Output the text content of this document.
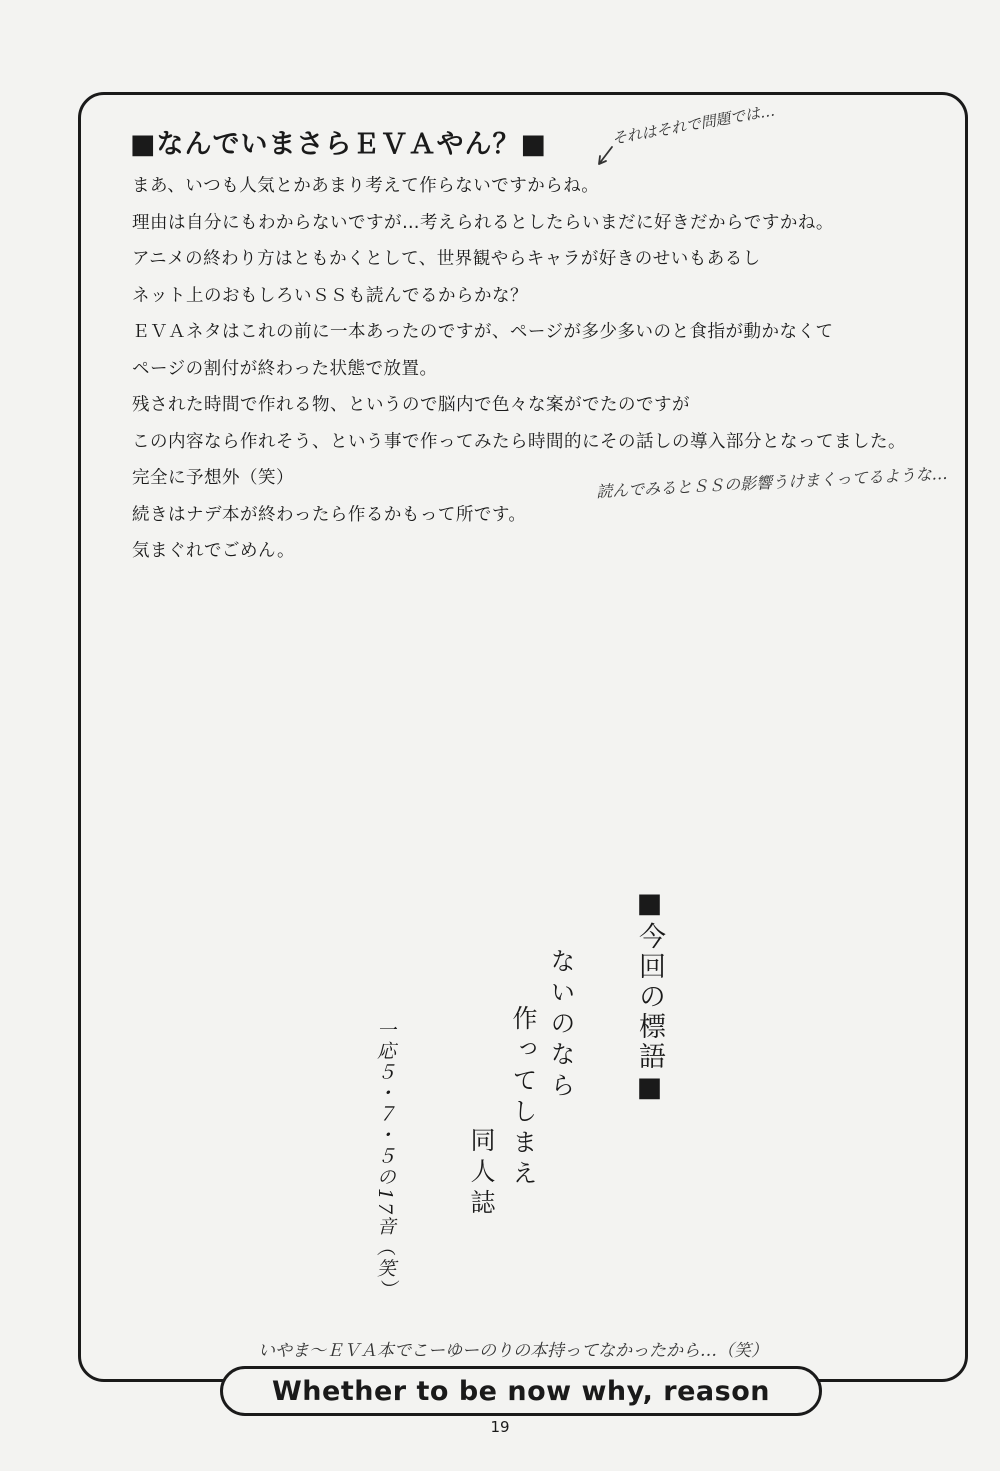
■なんでいまさらＥＶＡやん？■
まあ、いつも人気とかあまり考えて作らないですからね。
理由は自分にもわからないですが…考えられるとしたらいまだに好きだからですかね。
アニメの終わり方はともかくとして、世界観やらキャラが好きのせいもあるし
ネット上のおもしろいＳＳも読んでるからかな？
ＥＶＡネタはこれの前に一本あったのですが、ページが多少多いのと食指が動かなくて
ページの割付が終わった状態で放置。
残された時間で作れる物、というので脳内で色々な案がでたのですが
この内容なら作れそう、という事で作ってみたら時間的にその話しの導入部分となってました。
完全に予想外（笑）
続きはナデ本が終わったら作るかもって所です。
気まぐれでごめん。
それはそれで問題では…
読んでみるとＳＳの影響うけまくってるような…
■今回の標語■
ないのなら
作ってしまえ
同人誌
一応５・７・５の17音（笑）
いやま〜ＥＶＡ本でこーゆーのりの本持ってなかったから…（笑）
Whether to be now why, reason
19
